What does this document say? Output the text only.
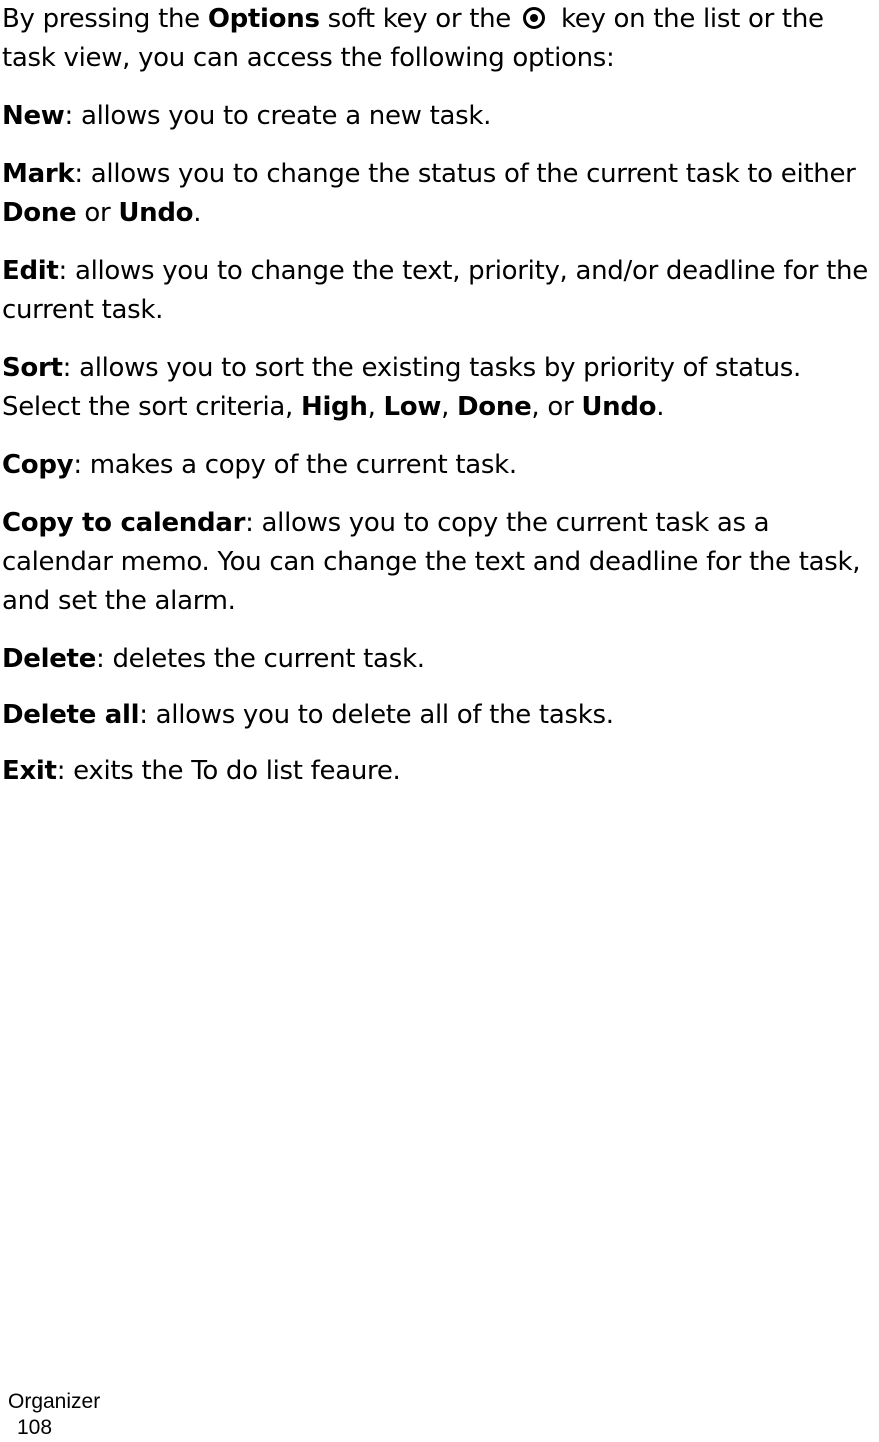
By pressing the Options soft key or the  key on the list or the task view, you can access the following options:

New: allows you to create a new task.

Mark: allows you to change the status of the current task to either Done or Undo.

Edit: allows you to change the text, priority, and/or deadline for the current task.

Sort: allows you to sort the existing tasks by priority of status. Select the sort criteria, High, Low, Done, or Undo.

Copy: makes a copy of the current task.

Copy to calendar: allows you to copy the current task as a calendar memo. You can change the text and deadline for the task, and set the alarm.

Delete: deletes the current task.

Delete all: allows you to delete all of the tasks.

Exit: exits the To do list feaure.

Organizer
108
